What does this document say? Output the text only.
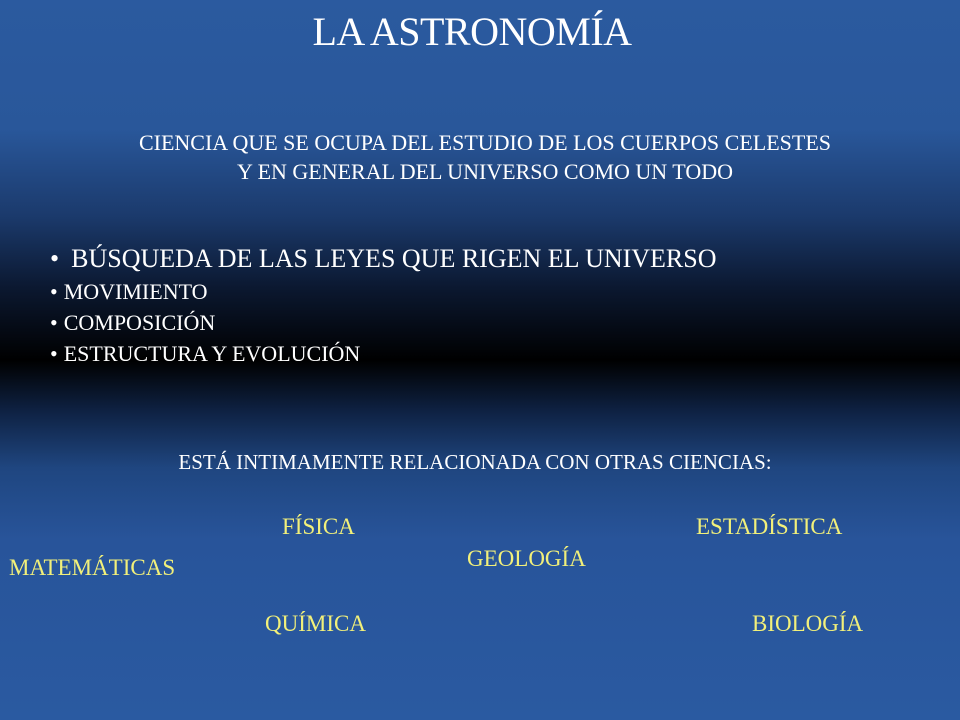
LA ASTRONOMÍA
CIENCIA QUE SE OCUPA DEL ESTUDIO DE LOS CUERPOS CELESTES
Y EN GENERAL DEL UNIVERSO COMO UN TODO
• BÚSQUEDA DE LAS LEYES QUE RIGEN EL UNIVERSO
• MOVIMIENTO
• COMPOSICIÓN
• ESTRUCTURA Y EVOLUCIÓN
ESTÁ INTIMAMENTE RELACIONADA CON OTRAS CIENCIAS:
FÍSICA	ESTADÍSTICA
GEOLOGÍA
MATEMÁTICAS
QUÍMICA	BIOLOGÍA
